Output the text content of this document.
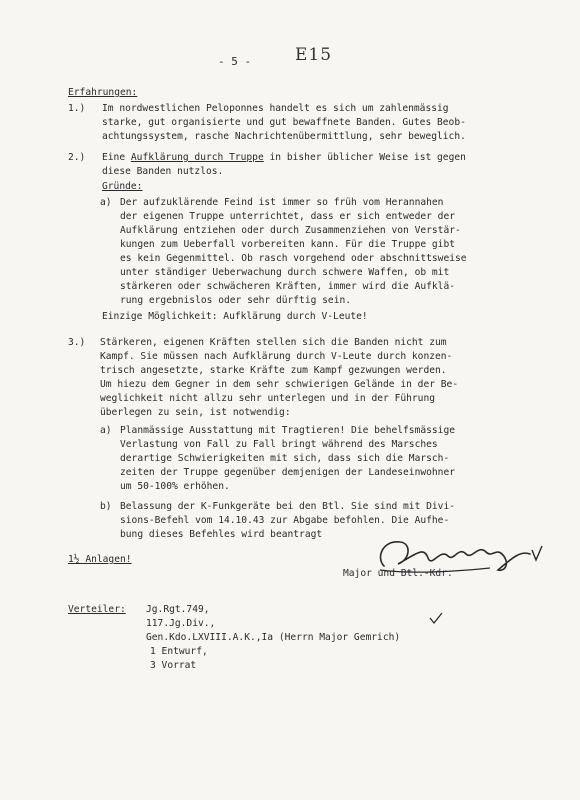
- 5 -	E15
Erfahrungen:
1.) Im nordwestlichen Peloponnes handelt es sich um zahlenmässig
starke, gut organisierte und gut bewaffnete Banden. Gutes Beob-
achtungssystem, rasche Nachrichtenübermittlung, sehr beweglich.
2.) Eine Aufklärung durch Truppe in bisher üblicher Weise ist gegen
diese Banden nutzlos.
Gründe:
a) Der aufzuklärende Feind ist immer so früh vom Herannahen
der eigenen Truppe unterrichtet, dass er sich entweder der
Aufklärung entziehen oder durch Zusammenziehen von Verstär-
kungen zum Ueberfall vorbereiten kann. Für die Truppe gibt
es kein Gegenmittel. Ob rasch vorgehend oder abschnittsweise
unter ständiger Ueberwachung durch schwere Waffen, ob mit
stärkeren oder schwächeren Kräften, immer wird die Aufklä-
rung ergebnislos oder sehr dürftig sein.
Einzige Möglichkeit: Aufklärung durch V-Leute!
3.) Stärkeren, eigenen Kräften stellen sich die Banden nicht zum
Kampf. Sie müssen nach Aufklärung durch V-Leute durch konzen-
trisch angesetzte, starke Kräfte zum Kampf gezwungen werden.
Um hiezu dem Gegner in dem sehr schwierigen Gelände in der Be-
weglichkeit nicht allzu sehr unterlegen und in der Führung
überlegen zu sein, ist notwendig:
a) Planmässige Ausstattung mit Tragtieren! Die behelfsmässige
Verlastung von Fall zu Fall bringt während des Marsches
derartige Schwierigkeiten mit sich, dass sich die Marsch-
zeiten der Truppe gegenüber demjenigen der Landeseinwohner
um 50-100% erhöhen.
b) Belassung der K-Funkgeräte bei den Btl. Sie sind mit Divi-
sions-Befehl vom 14.10.43 zur Abgabe befohlen. Die Aufhe-
bung dieses Befehles wird beantragt
Major und Btl.-Kdr.
1½ Anlagen!
Verteiler: Jg.Rgt.749,
117.Jg.Div.,
Gen.Kdo.LXVIII.A.K.,Ia (Herrn Major Gemrich)
1 Entwurf,
3 Vorrat
